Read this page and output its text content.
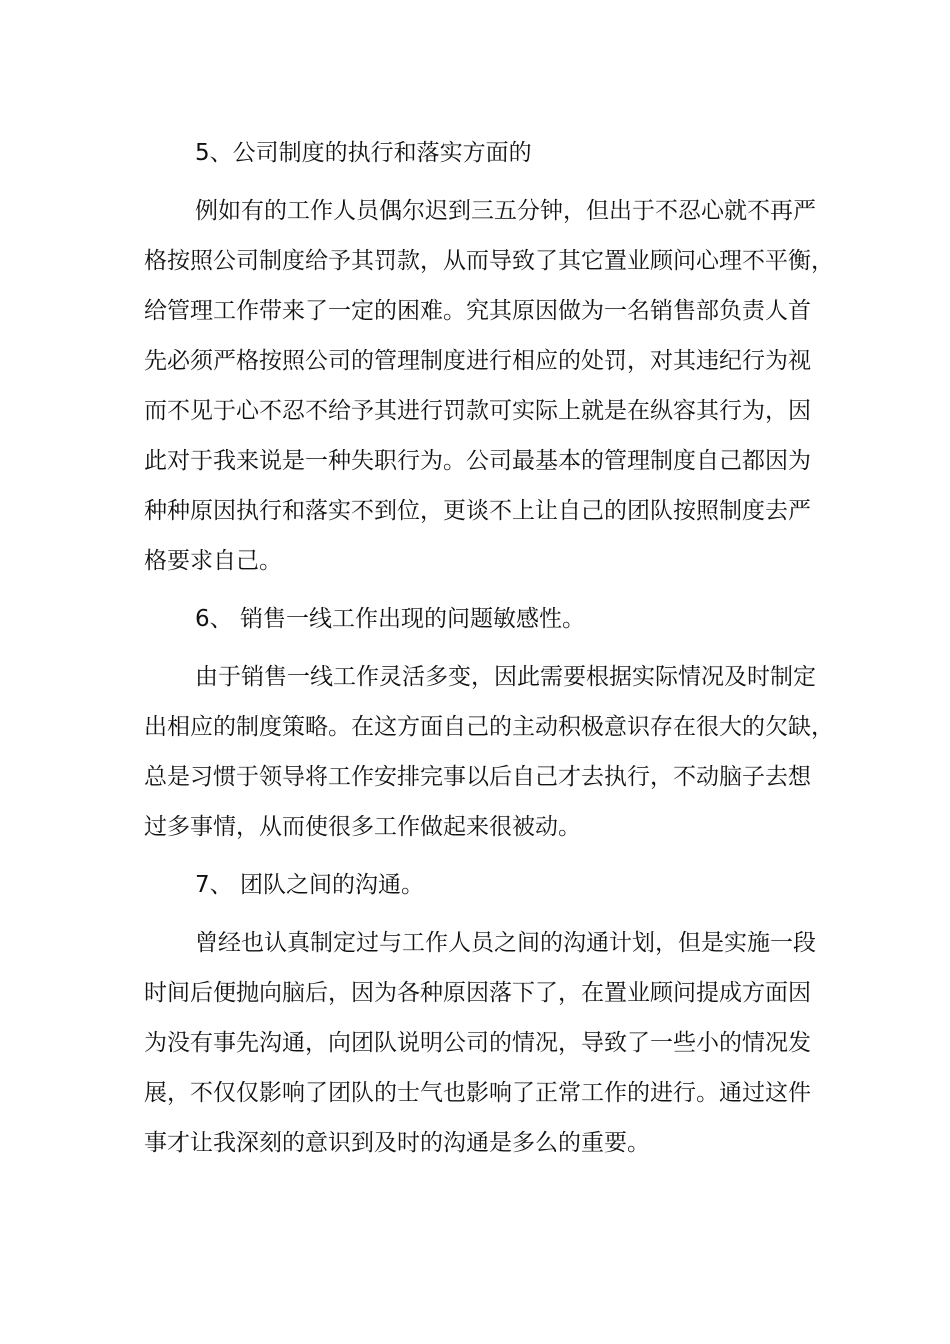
5、公司制度的执行和落实方面的

例如有的工作人员偶尔迟到三五分钟，但出于不忍心就不再严

格按照公司制度给予其罚款，从而导致了其它置业顾问心理不平衡，

给管理工作带来了一定的困难。究其原因做为一名销售部负责人首

先必须严格按照公司的管理制度进行相应的处罚，对其违纪行为视

而不见于心不忍不给予其进行罚款可实际上就是在纵容其行为，因

此对于我来说是一种失职行为。公司最基本的管理制度自己都因为

种种原因执行和落实不到位，更谈不上让自己的团队按照制度去严

格要求自己。

6、 销售一线工作出现的问题敏感性。

由于销售一线工作灵活多变，因此需要根据实际情况及时制定

出相应的制度策略。在这方面自己的主动积极意识存在很大的欠缺，

总是习惯于领导将工作安排完事以后自己才去执行，不动脑子去想

过多事情，从而使很多工作做起来很被动。

7、 团队之间的沟通。

曾经也认真制定过与工作人员之间的沟通计划，但是实施一段

时间后便抛向脑后，因为各种原因落下了，在置业顾问提成方面因

为没有事先沟通，向团队说明公司的情况，导致了一些小的情况发

展，不仅仅影响了团队的士气也影响了正常工作的进行。通过这件

事才让我深刻的意识到及时的沟通是多么的重要。
